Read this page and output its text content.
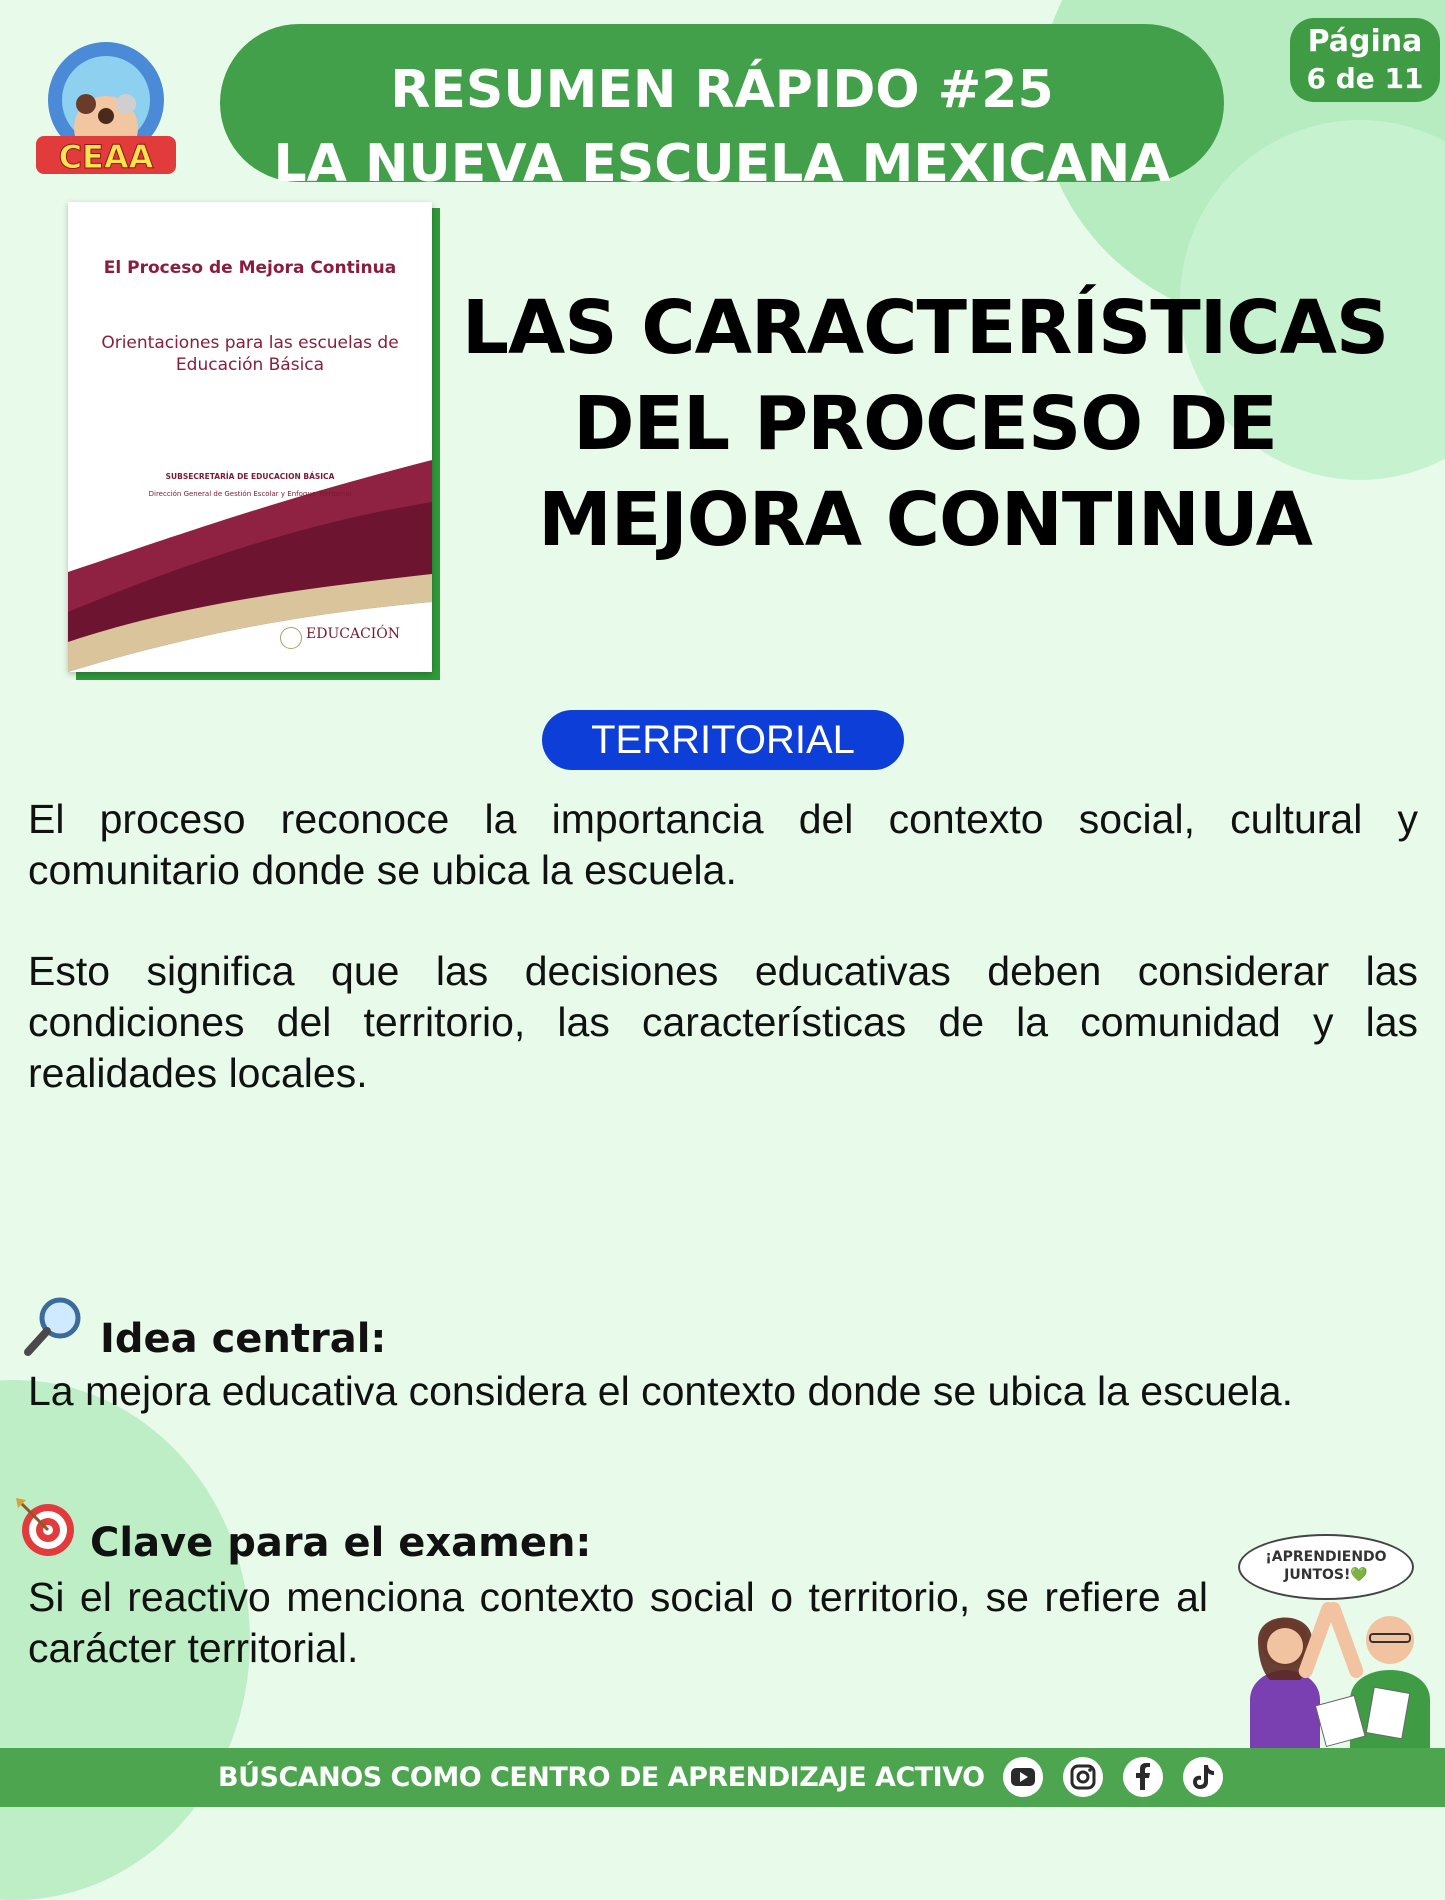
CEAA
RESUMEN RÁPIDO #25
LA NUEVA ESCUELA MEXICANA
Página
6 de 11
El Proceso de Mejora Continua
Orientaciones para las escuelas de Educación Básica
SUBSECRETARÍA DE EDUCACION BÁSICA
Dirección General de Gestión Escolar y Enfoque Territorial
EDUCACIÓN
LAS CARACTERÍSTICAS DEL PROCESO DE MEJORA CONTINUA
TERRITORIAL
El proceso reconoce la importancia del contexto social, cultural y comunitario donde se ubica la escuela.
Esto significa que las decisiones educativas deben considerar las condiciones del territorio, las características de la comunidad y las realidades locales.
Idea central:
La mejora educativa considera el contexto donde se ubica la escuela.
Clave para el examen:
Si el reactivo menciona contexto social o territorio, se refiere al carácter territorial.
¡APRENDIENDO
JUNTOS!💚
BÚSCANOS COMO CENTRO DE APRENDIZAJE ACTIVO
